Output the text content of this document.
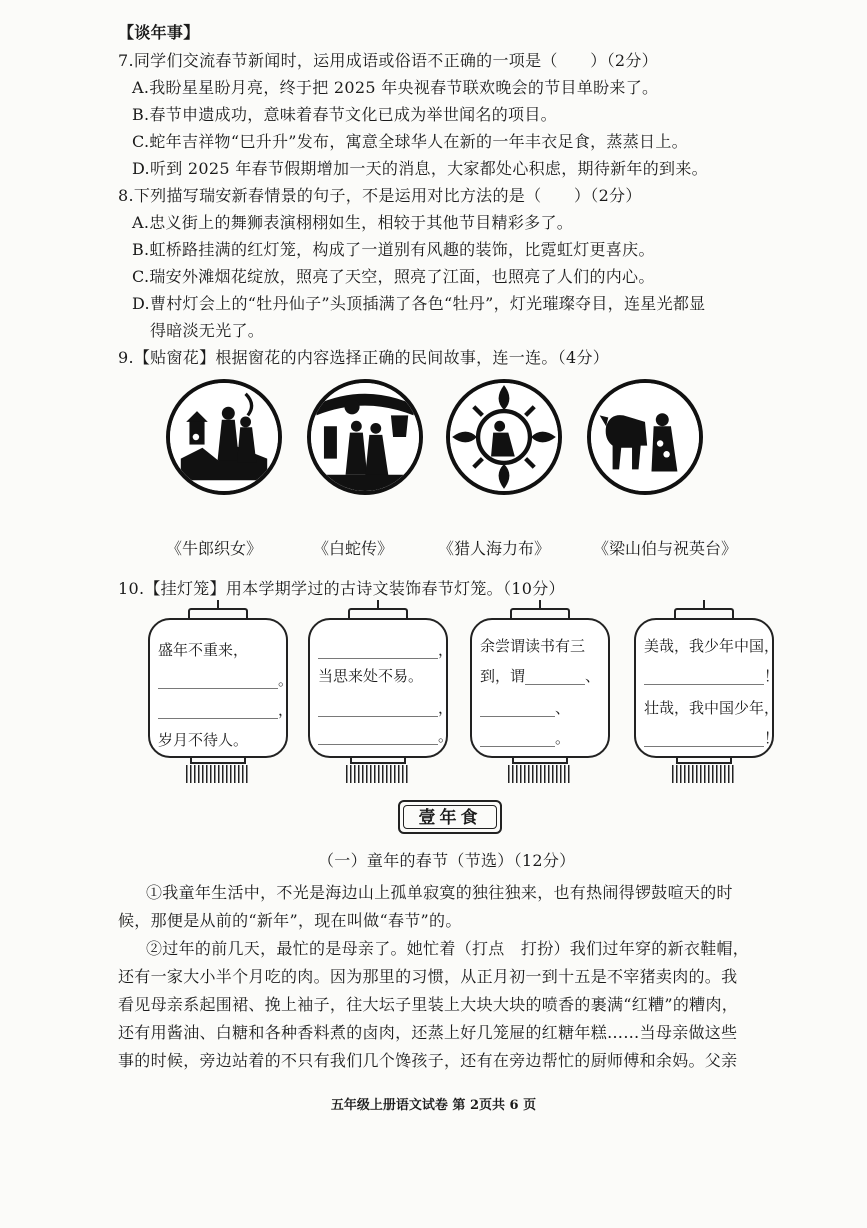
【谈年事】
7.同学们交流春节新闻时，运用成语或俗语不正确的一项是（　　）（2分）
A.我盼星星盼月亮，终于把 2025 年央视春节联欢晚会的节目单盼来了。
B.春节申遗成功，意味着春节文化已成为举世闻名的项目。
C.蛇年吉祥物“巳升升”发布，寓意全球华人在新的一年丰衣足食，蒸蒸日上。
D.听到 2025 年春节假期增加一天的消息，大家都处心积虑，期待新年的到来。
8.下列描写瑞安新春情景的句子，不是运用对比方法的是（　　）（2分）
A.忠义街上的舞狮表演栩栩如生，相较于其他节目精彩多了。
B.虹桥路挂满的红灯笼，构成了一道别有风趣的装饰，比霓虹灯更喜庆。
C.瑞安外滩烟花绽放，照亮了天空，照亮了江面，也照亮了人们的内心。
D.曹村灯会上的“牡丹仙子”头顶插满了各色“牡丹”，灯光璀璨夺目，连星光都显
得暗淡无光了。
9.【贴窗花】根据窗花的内容选择正确的民间故事，连一连。（4分）
《牛郎织女》	《白蛇传》	《猎人海力布》	《梁山伯与祝英台》
10.【挂灯笼】用本学期学过的古诗文装饰春节灯笼。（10分）
盛年不重来，
________________。
________________，
岁月不待人。
________________，
当思来处不易。
________________，
________________。
余尝谓读书有三
到，谓________、
__________、
__________。
美哉，我少年中国，
________________！
壮哉，我中国少年，
________________！
壹年食
（一）童年的春节（节选）（12分）
①我童年生活中，不光是海边山上孤单寂寞的独往独来，也有热闹得锣鼓喧天的时
候，那便是从前的“新年”，现在叫做“春节”的。
②过年的前几天，最忙的是母亲了。她忙着（打点　打扮）我们过年穿的新衣鞋帽，
还有一家大小半个月吃的肉。因为那里的习惯，从正月初一到十五是不宰猪卖肉的。我
看见母亲系起围裙、挽上袖子，往大坛子里装上大块大块的喷香的裹满“红糟”的糟肉，
还有用酱油、白糖和各种香料煮的卤肉，还蒸上好几笼屉的红糖年糕……当母亲做这些
事的时候，旁边站着的不只有我们几个馋孩子，还有在旁边帮忙的厨师傅和余妈。父亲
五年级上册语文试卷 第 2页共 6 页
